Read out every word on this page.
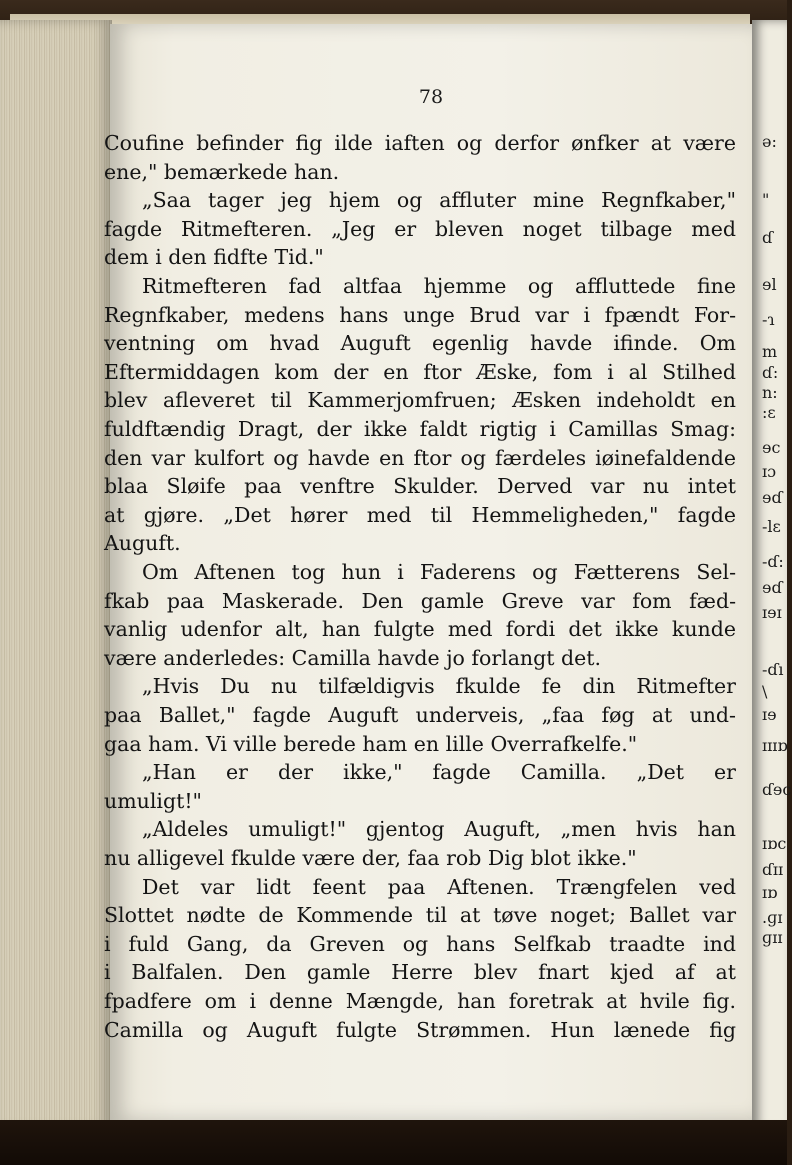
78
Coufine befinder fig ilde iaften og derfor ønfker at være
ene," bemærkede han.
„Saa tager jeg hjem og affluter mine Regnfkaber,"
fagde Ritmefteren. „Jeg er bleven noget tilbage med
dem i den fidfte Tid."
Ritmefteren fad altfaa hjemme og affluttede fine
Regnfkaber, medens hans unge Brud var i fpændt For-
ventning om hvad Auguft egenlig havde ifinde. Om
Eftermiddagen kom der en ftor Æske, fom i al Stilhed
blev afleveret til Kammerjomfruen; Æsken indeholdt en
fuldftændig Dragt, der ikke faldt rigtig i Camillas Smag:
den var kulfort og havde en ftor og færdeles iøinefaldende
blaa Sløife paa venftre Skulder. Derved var nu intet
at gjøre. „Det hører med til Hemmeligheden," fagde
Auguft.
Om Aftenen tog hun i Faderens og Fætterens Sel-
fkab paa Maskerade. Den gamle Greve var fom fæd-
vanlig udenfor alt, han fulgte med fordi det ikke kunde
være anderledes: Camilla havde jo forlangt det.
„Hvis Du nu tilfældigvis fkulde fe din Ritmefter
paa Ballet," fagde Auguft underveis, „faa føg at und-
gaa ham. Vi ville berede ham en lille Overrafkelfe."
„Han er der ikke," fagde Camilla. „Det er
umuligt!"
„Aldeles umuligt!" gjentog Auguft, „men hvis han
nu alligevel fkulde være der, faa rob Dig blot ikke."
Det var lidt feent paa Aftenen. Trængfelen ved
Slottet nødte de Kommende til at tøve noget; Ballet var
i fuld Gang, da Greven og hans Selfkab traadte ind
i Balfalen. Den gamle Herre blev fnart kjed af at
fpadfere om i denne Mængde, han foretrak at hvile fig.
Camilla og Auguft fulgte Strømmen. Hun lænede fig
ə:
"
ɗ
ɘl
-ɿ
m
ɗ:
n:
:ɛ
ɘc
ɪɔ
ɘɗ
-lɛ
-ɗ:
ɘɗ
ɪɘɪ
-ɗı
\
ɪɘ
ɪɪɪɒ
ɗɘc
ɪɒc
ɗɪɪ
ɪɒ
.ɡɪ
ɡɪɪ
